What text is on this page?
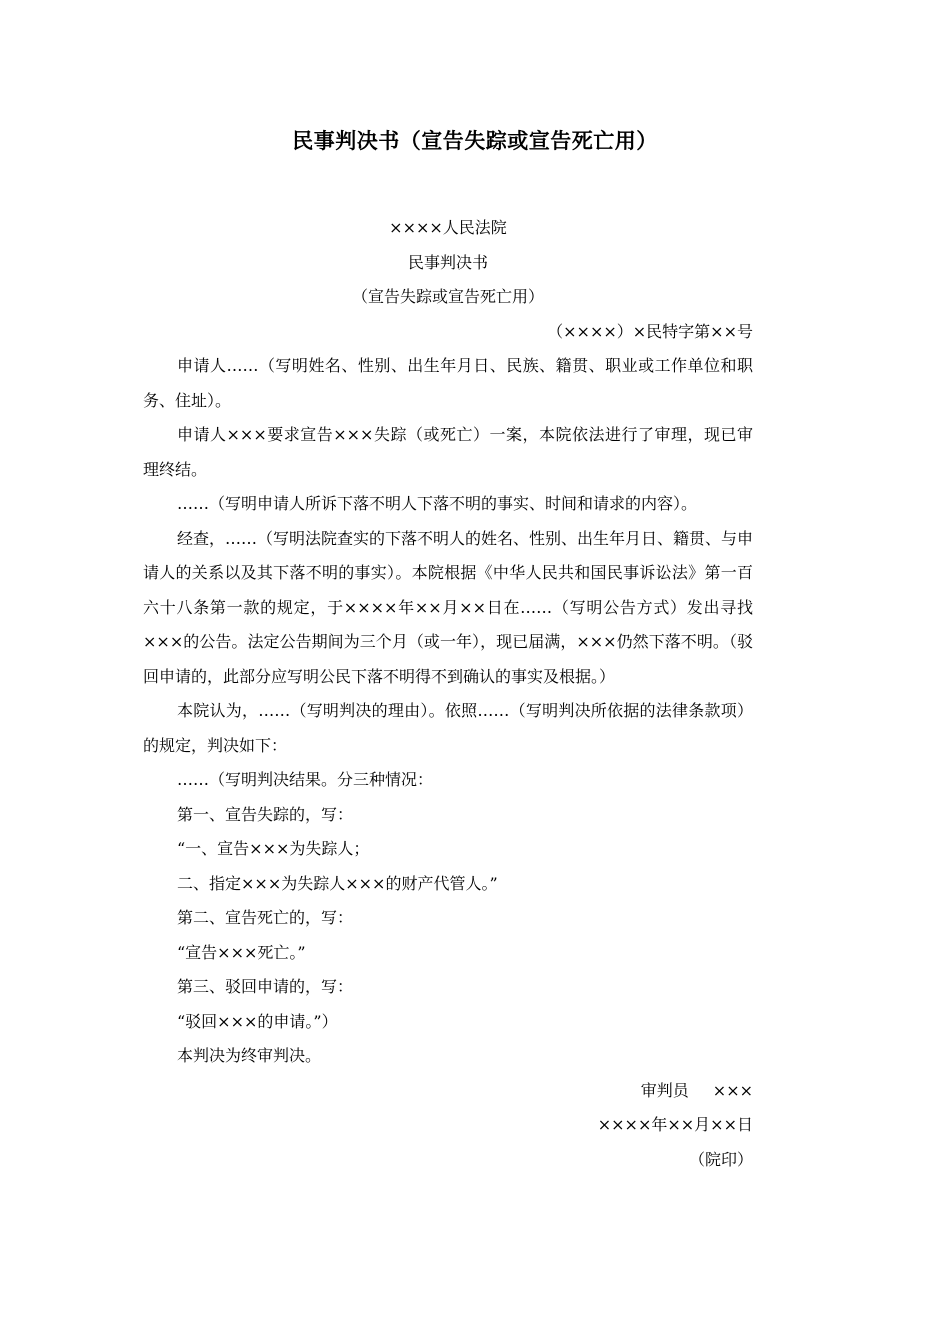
民事判决书（宣告失踪或宣告死亡用）

××××人民法院

民事判决书

（宣告失踪或宣告死亡用）

（××××）×民特字第××号

申请人……（写明姓名、性别、出生年月日、民族、籍贯、职业或工作单位和职务、住址）。

申请人×××要求宣告×××失踪（或死亡）一案，本院依法进行了审理，现已审理终结。

……（写明申请人所诉下落不明人下落不明的事实、时间和请求的内容）。

经查，……（写明法院查实的下落不明人的姓名、性别、出生年月日、籍贯、与申请人的关系以及其下落不明的事实）。本院根据《中华人民共和国民事诉讼法》第一百六十八条第一款的规定，于××××年××月××日在……（写明公告方式）发出寻找×××的公告。法定公告期间为三个月（或一年），现已届满，×××仍然下落不明。（驳回申请的，此部分应写明公民下落不明得不到确认的事实及根据。）

本院认为，……（写明判决的理由）。依照……（写明判决所依据的法律条款项）的规定，判决如下：

……（写明判决结果。分三种情况：

第一、宣告失踪的，写：

“一、宣告×××为失踪人；

二、指定×××为失踪人×××的财产代管人。”

第二、宣告死亡的，写：

“宣告×××死亡。”

第三、驳回申请的，写：

“驳回×××的申请。”）

本判决为终审判决。

审判员 ×××

××××年××月××日

（院印）
